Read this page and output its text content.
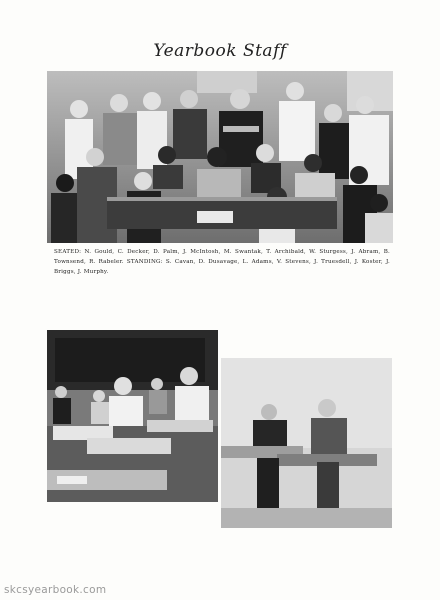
Yearbook Staff
SEATED: N. Gould, C. Decker, D. Palm, J. McIntosh, M. Swantak, T. Archibald, W. Sturgess, J. Abram, B. Townsend, R. Rabeler. STANDING: S. Cavan, D. Dusavage, L. Adams, V. Stevens, J. Truesdell, J. Koster, J. Briggs, J. Murphy.
skcsyearbook.com
